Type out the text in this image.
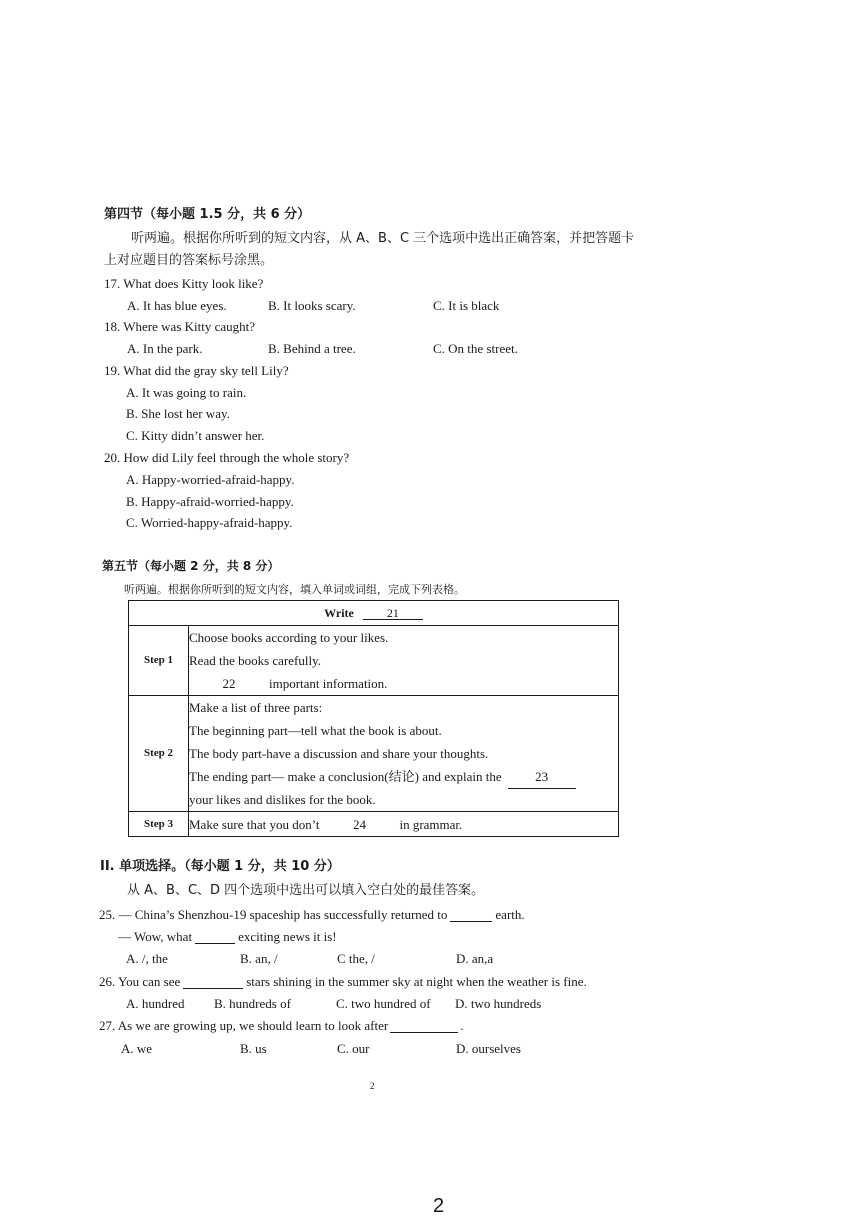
第四节（每小题 1.5 分，共 6 分）
听两遍。根据你所听到的短文内容，从 A、B、C 三个选项中选出正确答案，并把答题卡
上对应题目的答案标号涂黑。
17. What does Kitty look like?
A. It has blue eyes.	B. It looks scary.	C. It is black
18. Where was Kitty caught?
A. In the park.	B. Behind a tree.	C. On the street.
19. What did the gray sky tell Lily?
A. It was going to rain.
B. She lost her way.
C. Kitty didn’t answer her.
20. How did Lily feel through the whole story?
A. Happy-worried-afraid-happy.
B. Happy-afraid-worried-happy.
C. Worried-happy-afraid-happy.
第五节（每小题 2 分，共 8 分）
听两遍。根据你所听到的短文内容，填入单词或词组，完成下列表格。
Write 21	
Step 1	Choose books according to your likes.
Read the books carefully.
22 important information.

Step 2	Make a list of three parts:
The beginning part—tell what the book is about.
The body part-have a discussion and share your thoughts.
The ending part— make a conclusion(结论) and explain the 23
your likes and dislikes for the book.

Step 3	Make sure that you don’t 24 in grammar.
II. 单项选择。（每小题 1 分，共 10 分）
从 A、B、C、D 四个选项中选出可以填入空白处的最佳答案。
25. — China’s Shenzhou-19 spaceship has successfully returned to	earth.
— Wow, what	exciting news it is!
A. /, the	B. an, /	C the, /	D. an,a
26. You can see	stars shining in the summer sky at night when the weather is fine.
A. hundred B. hundreds of	C. two hundred of D. two hundreds
27. As we are growing up, we should learn to look after	.
A. we	B. us	C. our	D. ourselves
2
2
